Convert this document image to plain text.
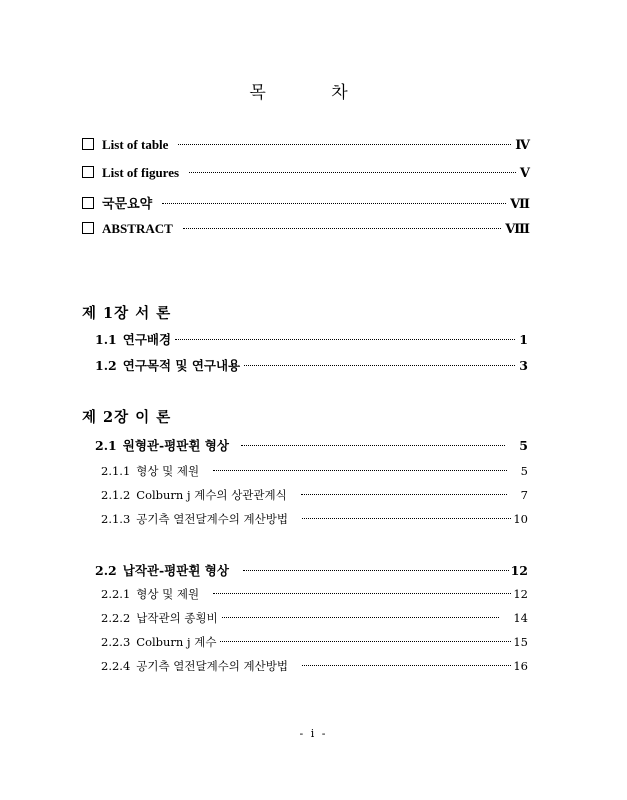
목 차
List of table	Ⅳ
List of figures	Ⅴ
국문요약	Ⅶ
ABSTRACT	Ⅷ
제 1장 서 론
1.1 연구배경	1
1.2 연구목적 및 연구내용	3
제 2장 이 론
2.1 원형관-평판휜 형상	5
2.1.1 형상 및 제원	5
2.1.2 Colburn j 계수의 상관관계식	7
2.1.3 공기측 열전달계수의 계산방법	10
2.2 납작관-평판휜 형상	12
2.2.1 형상 및 제원	12
2.2.2 납작관의 종횡비	14
2.2.3 Colburn j 계수	15
2.2.4 공기측 열전달계수의 계산방법	16
- i -
